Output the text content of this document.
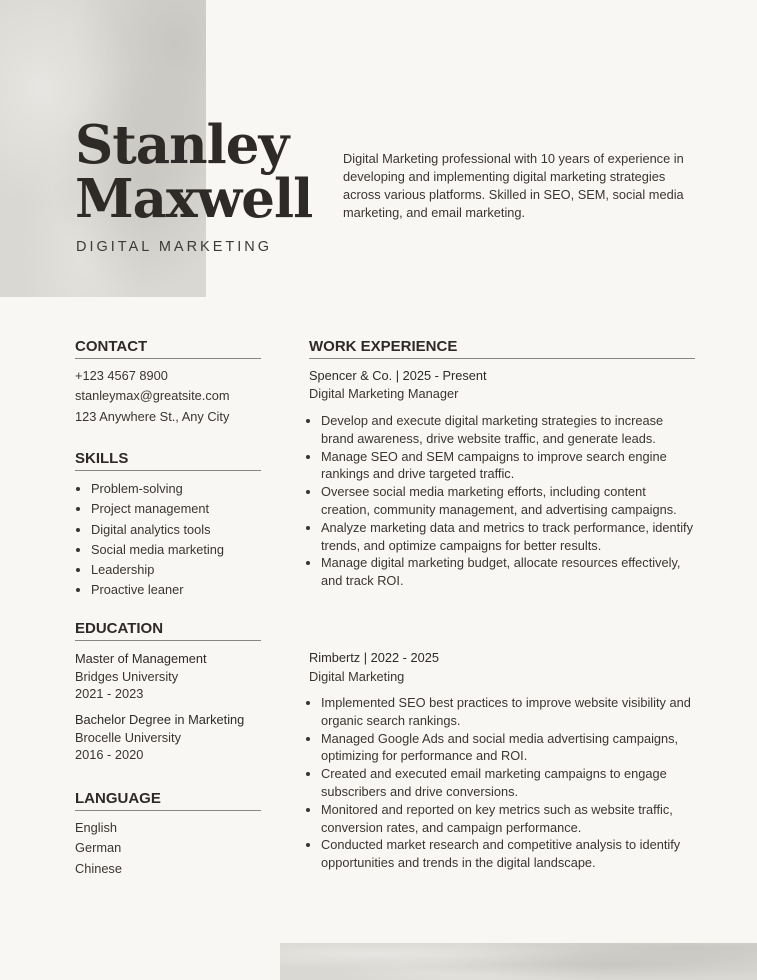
Stanley
Maxwell
DIGITAL MARKETING

Digital Marketing professional with 10 years of experience in developing and implementing digital marketing strategies across various platforms. Skilled in SEO, SEM, social media marketing, and email marketing.

CONTACT
+123 4567 8900
stanleymax@greatsite.com
123 Anywhere St., Any City
SKILLS
• Problem-solving
• Project management
• Digital analytics tools
• Social media marketing
• Leadership
• Proactive leaner
EDUCATION
Master of Management
Bridges University
2021 - 2023
Bachelor Degree in Marketing
Brocelle University
2016 - 2020
LANGUAGE
English
German
Chinese
WORK EXPERIENCE
Spencer & Co. | 2025 - Present
Digital Marketing Manager
• Develop and execute digital marketing strategies to increase brand awareness, drive website traffic, and generate leads.
• Manage SEO and SEM campaigns to improve search engine rankings and drive targeted traffic.
• Oversee social media marketing efforts, including content creation, community management, and advertising campaigns.
• Analyze marketing data and metrics to track performance, identify trends, and optimize campaigns for better results.
• Manage digital marketing budget, allocate resources effectively, and track ROI.
Rimbertz | 2022 - 2025
Digital Marketing
• Implemented SEO best practices to improve website visibility and organic search rankings.
• Managed Google Ads and social media advertising campaigns, optimizing for performance and ROI.
• Created and executed email marketing campaigns to engage subscribers and drive conversions.
• Monitored and reported on key metrics such as website traffic, conversion rates, and campaign performance.
• Conducted market research and competitive analysis to identify opportunities and trends in the digital landscape.
